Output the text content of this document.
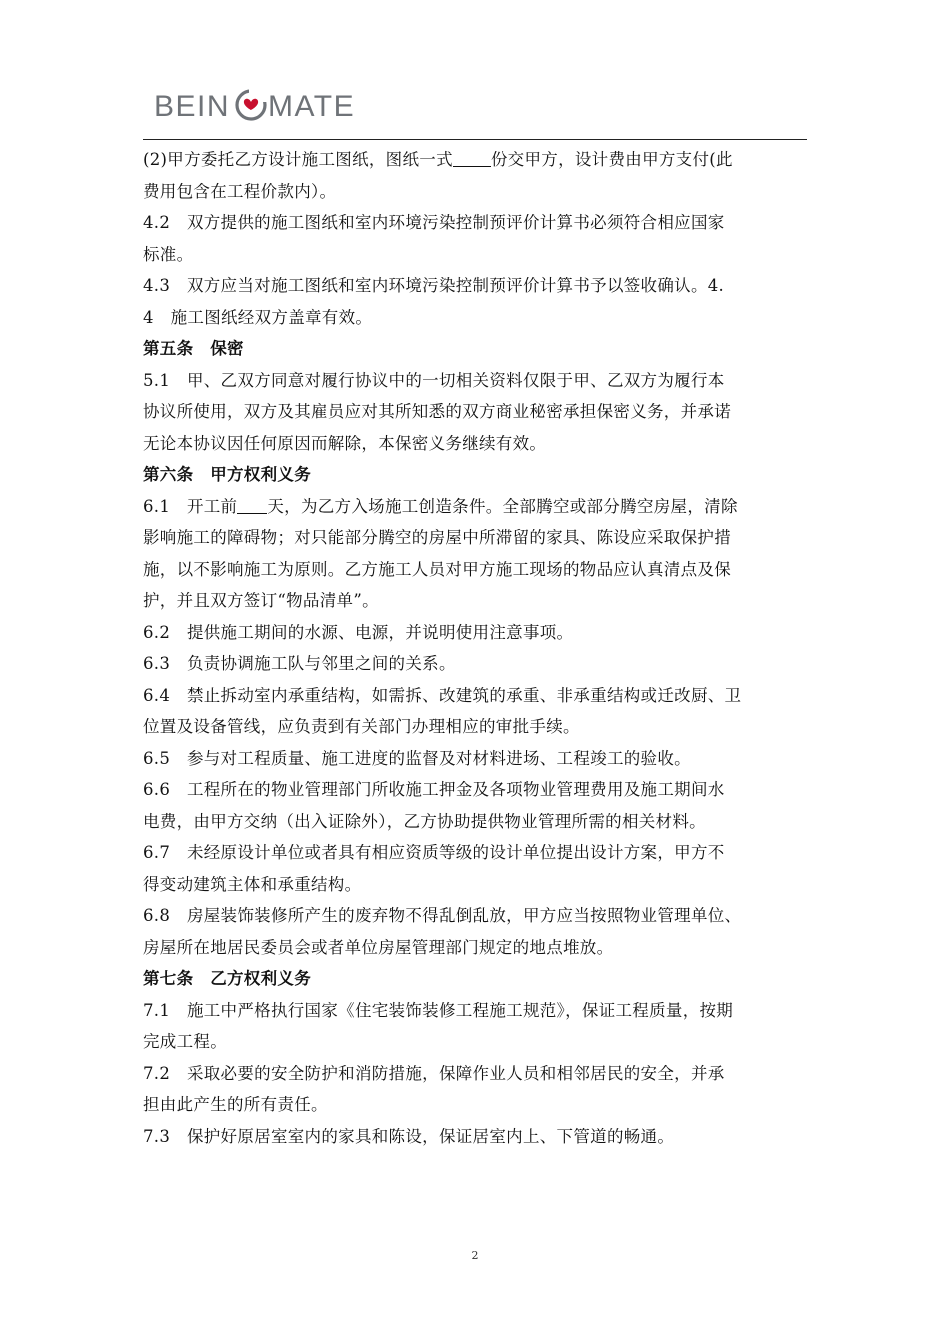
BEIN MATE
(2)甲方委托乙方设计施工图纸，图纸一式 份交甲方，设计费由甲方支付(此
费用包含在工程价款内）。
4.2　双方提供的施工图纸和室内环境污染控制预评价计算书必须符合相应国家
标准。
4.3　双方应当对施工图纸和室内环境污染控制预评价计算书予以签收确认。4.
4　施工图纸经双方盖章有效。
第五条　保密
5.1　甲、乙双方同意对履行协议中的一切相关资料仅限于甲、乙双方为履行本
协议所使用，双方及其雇员应对其所知悉的双方商业秘密承担保密义务，并承诺
无论本协议因任何原因而解除，本保密义务继续有效。
第六条　甲方权利义务
6.1　开工前 天，为乙方入场施工创造条件。全部腾空或部分腾空房屋，清除
影响施工的障碍物；对只能部分腾空的房屋中所滞留的家具、陈设应采取保护措
施，以不影响施工为原则。乙方施工人员对甲方施工现场的物品应认真清点及保
护，并且双方签订“物品清单”。
6.2　提供施工期间的水源、电源，并说明使用注意事项。
6.3　负责协调施工队与邻里之间的关系。
6.4　禁止拆动室内承重结构，如需拆、改建筑的承重、非承重结构或迁改厨、卫
位置及设备管线，应负责到有关部门办理相应的审批手续。
6.5　参与对工程质量、施工进度的监督及对材料进场、工程竣工的验收。
6.6　工程所在的物业管理部门所收施工押金及各项物业管理费用及施工期间水
电费，由甲方交纳（出入证除外），乙方协助提供物业管理所需的相关材料。
6.7　未经原设计单位或者具有相应资质等级的设计单位提出设计方案，甲方不
得变动建筑主体和承重结构。
6.8　房屋装饰装修所产生的废弃物不得乱倒乱放，甲方应当按照物业管理单位、
房屋所在地居民委员会或者单位房屋管理部门规定的地点堆放。
第七条　乙方权利义务
7.1　施工中严格执行国家《住宅装饰装修工程施工规范》，保证工程质量，按期
完成工程。
7.2　采取必要的安全防护和消防措施，保障作业人员和相邻居民的安全，并承
担由此产生的所有责任。
7.3　保护好原居室室内的家具和陈设，保证居室内上、下管道的畅通。
2
